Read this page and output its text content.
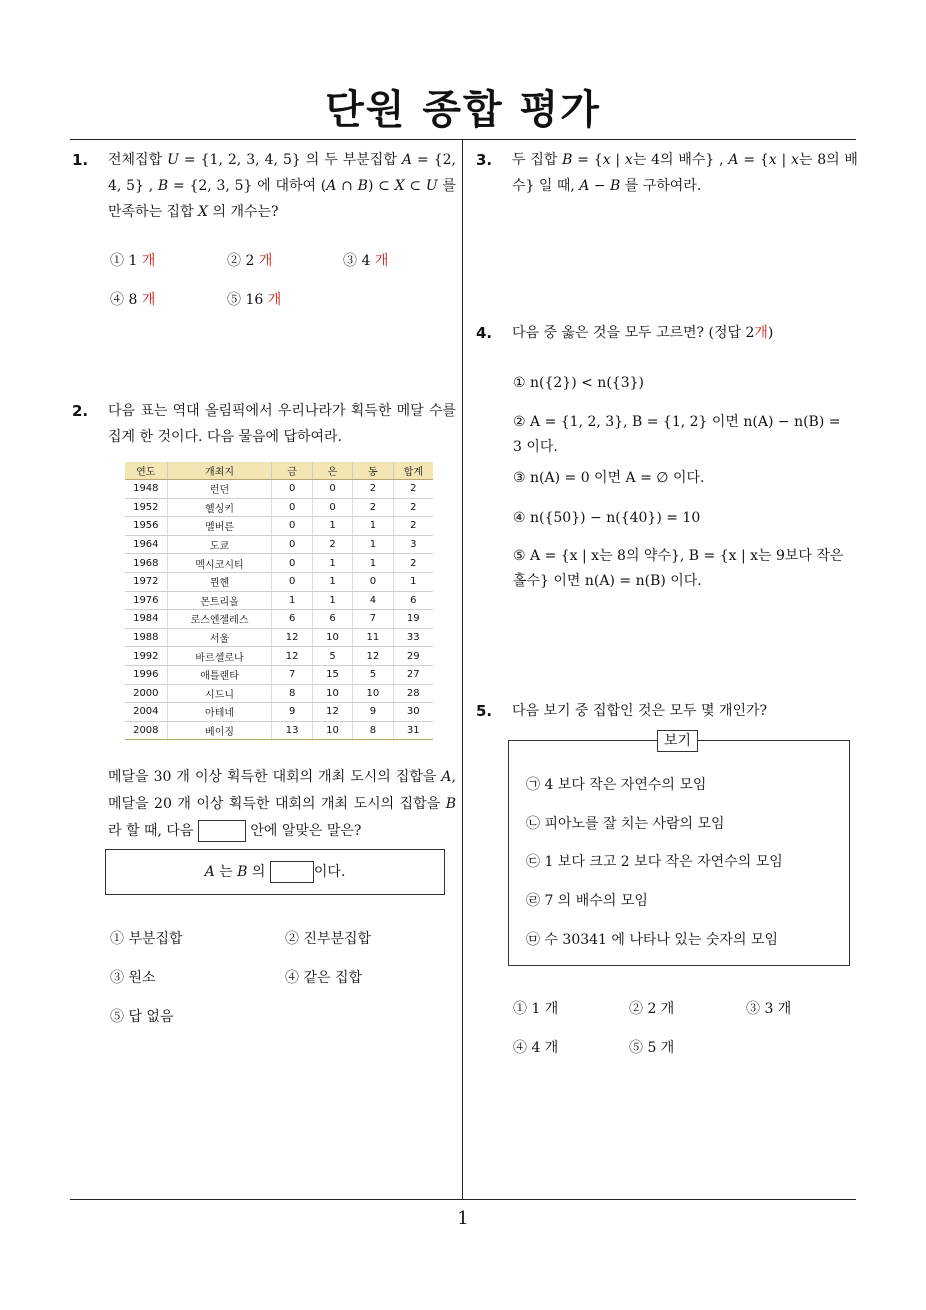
단원 종합 평가
1
1. 전체집합 U = {1, 2, 3, 4, 5} 의 두 부분집합 A = {2, 4, 5} , B = {2, 3, 5} 에 대하여 (A ∩ B) ⊂ X ⊂ U 를 만족하는 집합 X 의 개수는?
① 1 개	② 2 개	③ 4 개
④ 8 개	⑤ 16 개
2. 다음 표는 역대 올림픽에서 우리나라가 획득한 메달 수를 집계 한 것이다. 다음 물음에 답하여라.
연도	개최지	금	은	동	합계
1948	런던	0	0	2	2
1952	헬싱키	0	0	2	2
1956	멜버른	0	1	1	2
1964	도쿄	0	2	1	3
1968	멕시코시티	0	1	1	2
1972	뮌헨	0	1	0	1
1976	몬트리올	1	1	4	6
1984	로스엔젤레스	6	6	7	19
1988	서울	12	10	11	33
1992	바르셀로나	12	5	12	29
1996	애틀랜타	7	15	5	27
2000	시드니	8	10	10	28
2004	아테네	9	12	9	30
2008	베이징	13	10	8	31
메달을 30 개 이상 획득한 대회의 개최 도시의 집합을 A, 메달을 20 개 이상 획득한 대회의 개최 도시의 집합을 B 라 할 때, 다음	안에 알맞은 말은?
A 는 B 의	이다.
① 부분집합	② 진부분집합
③ 원소	④ 같은 집합
⑤ 답 없음
3. 두 집합 B = {x | x는 4의 배수} , A = {x | x는 8의 배수} 일 때, A − B 를 구하여라.
4. 다음 중 옳은 것을 모두 고르면? (정답 2개)
① n({2}) < n({3})
② A = {1, 2, 3}, B = {1, 2} 이면 n(A) − n(B) = 3 이다.
③ n(A) = 0 이면 A = ∅ 이다.
④ n({50}) − n({40}) = 10
⑤ A = {x | x는 8의 약수}, B = {x | x는 9보다 작은 홀수} 이면 n(A) = n(B) 이다.
5. 다음 보기 중 집합인 것은 모두 몇 개인가?
보기
㉠ 4 보다 작은 자연수의 모임
㉡ 피아노를 잘 치는 사람의 모임
㉢ 1 보다 크고 2 보다 작은 자연수의 모임
㉣ 7 의 배수의 모임
㉤ 수 30341 에 나타나 있는 숫자의 모임
① 1 개	② 2 개	③ 3 개
④ 4 개	⑤ 5 개
